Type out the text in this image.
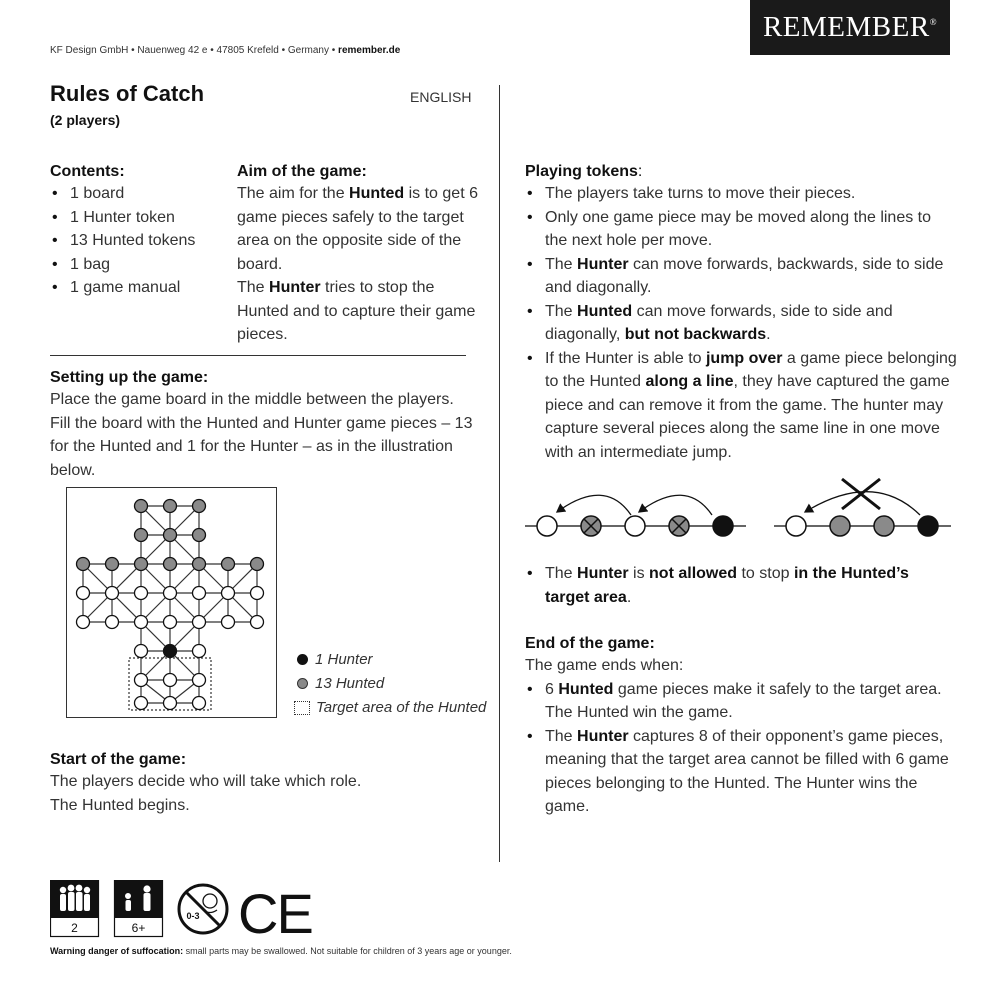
KF Design GmbH • Nauenweg 42 e • 47805 Krefeld • Germany • remember.de
REMEMBER®
Rules of Catch
(2 players)
ENGLISH
Contents:
• 1 board
• 1 Hunter token
• 13 Hunted tokens
• 1 bag
• 1 game manual
Aim of the game:
The aim for the Hunted is to get 6 game pieces safely to the target area on the opposite side of the board.
The Hunter tries to stop the Hunted and to capture their game pieces.
Setting up the game:
Place the game board in the middle between the players.
Fill the board with the Hunted and Hunter game pieces – 13 for the Hunted and 1 for the Hunter – as in the illustration below.
1 Hunter
13 Hunted
Target area of the Hunted
Start of the game:
The players decide who will take which role.
The Hunted begins.
Playing tokens:
• The players take turns to move their pieces.
• Only one game piece may be moved along the lines to the next hole per move.
• The Hunter can move forwards, backwards, side to side and diagonally.
• The Hunted can move forwards, side to side and diagonally, but not backwards.
• If the Hunter is able to jump over a game piece belonging to the Hunted along a line, they have captured the game piece and can remove it from the game. The hunter may capture several pieces along the same line in one move with an intermediate jump.
• The Hunter is not allowed to stop in the Hunted’s target area.
End of the game:
The game ends when:
• 6 Hunted game pieces make it safely to the target area. The Hunted win the game.
• The Hunter captures 8 of their opponent’s game pieces, meaning that the target area cannot be filled with 6 game pieces belonging to the Hunted. The Hunter wins the game.
2	6+
0-3 CE
Warning danger of suffocation: small parts may be swallowed. Not suitable for children of 3 years age or younger.
